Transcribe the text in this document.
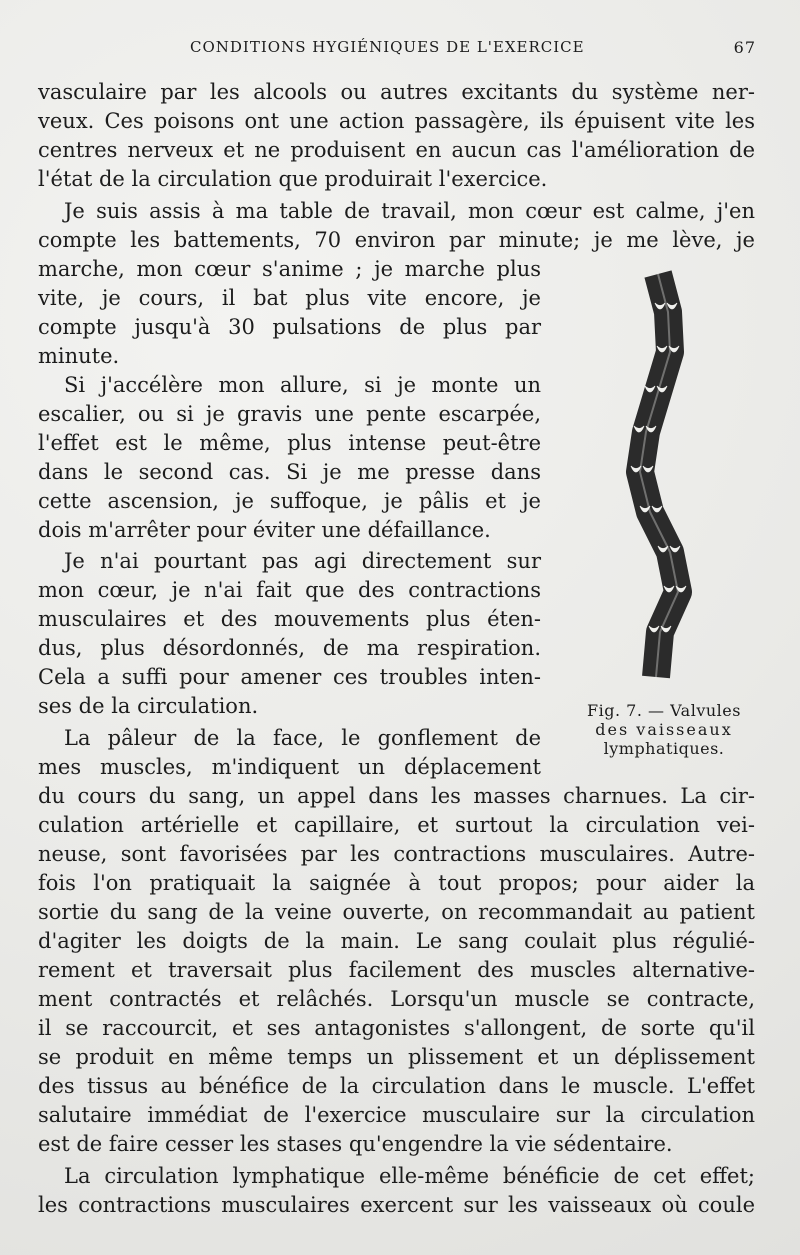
CONDITIONS HYGIÉNIQUES DE L'EXERCICE	67
vasculaire par les alcools ou autres excitants du système ner-
veux. Ces poisons ont une action passagère, ils épuisent vite les
centres nerveux et ne produisent en aucun cas l'amélioration de
l'état de la circulation que produirait l'exercice.
Je suis assis à ma table de travail, mon cœur est calme, j'en
compte les battements, 70 environ par minute; je me lève, je
marche, mon cœur s'anime ; je marche plus
vite, je cours, il bat plus vite encore, je
compte jusqu'à 30 pulsations de plus par
minute.
Si j'accélère mon allure, si je monte un
escalier, ou si je gravis une pente escarpée,
l'effet est le même, plus intense peut-être
dans le second cas. Si je me presse dans
cette ascension, je suffoque, je pâlis et je
dois m'arrêter pour éviter une défaillance.
Je n'ai pourtant pas agi directement sur
mon cœur, je n'ai fait que des contractions
musculaires et des mouvements plus éten-
dus, plus désordonnés, de ma respiration.
Cela a suffi pour amener ces troubles inten-
ses de la circulation.
La pâleur de la face, le gonflement de
mes muscles, m'indiquent un déplacement
du cours du sang, un appel dans les masses charnues. La cir-
culation artérielle et capillaire, et surtout la circulation vei-
neuse, sont favorisées par les contractions musculaires. Autre-
fois l'on pratiquait la saignée à tout propos; pour aider la
sortie du sang de la veine ouverte, on recommandait au patient
d'agiter les doigts de la main. Le sang coulait plus régulié-
rement et traversait plus facilement des muscles alternative-
ment contractés et relâchés. Lorsqu'un muscle se contracte,
il se raccourcit, et ses antagonistes s'allongent, de sorte qu'il
se produit en même temps un plissement et un déplissement
des tissus au bénéfice de la circulation dans le muscle. L'effet
salutaire immédiat de l'exercice musculaire sur la circulation
est de faire cesser les stases qu'engendre la vie sédentaire.
La circulation lymphatique elle-même bénéficie de cet effet;
les contractions musculaires exercent sur les vaisseaux où coule
Fig. 7. — Valvules
des vaisseaux
lymphatiques.
